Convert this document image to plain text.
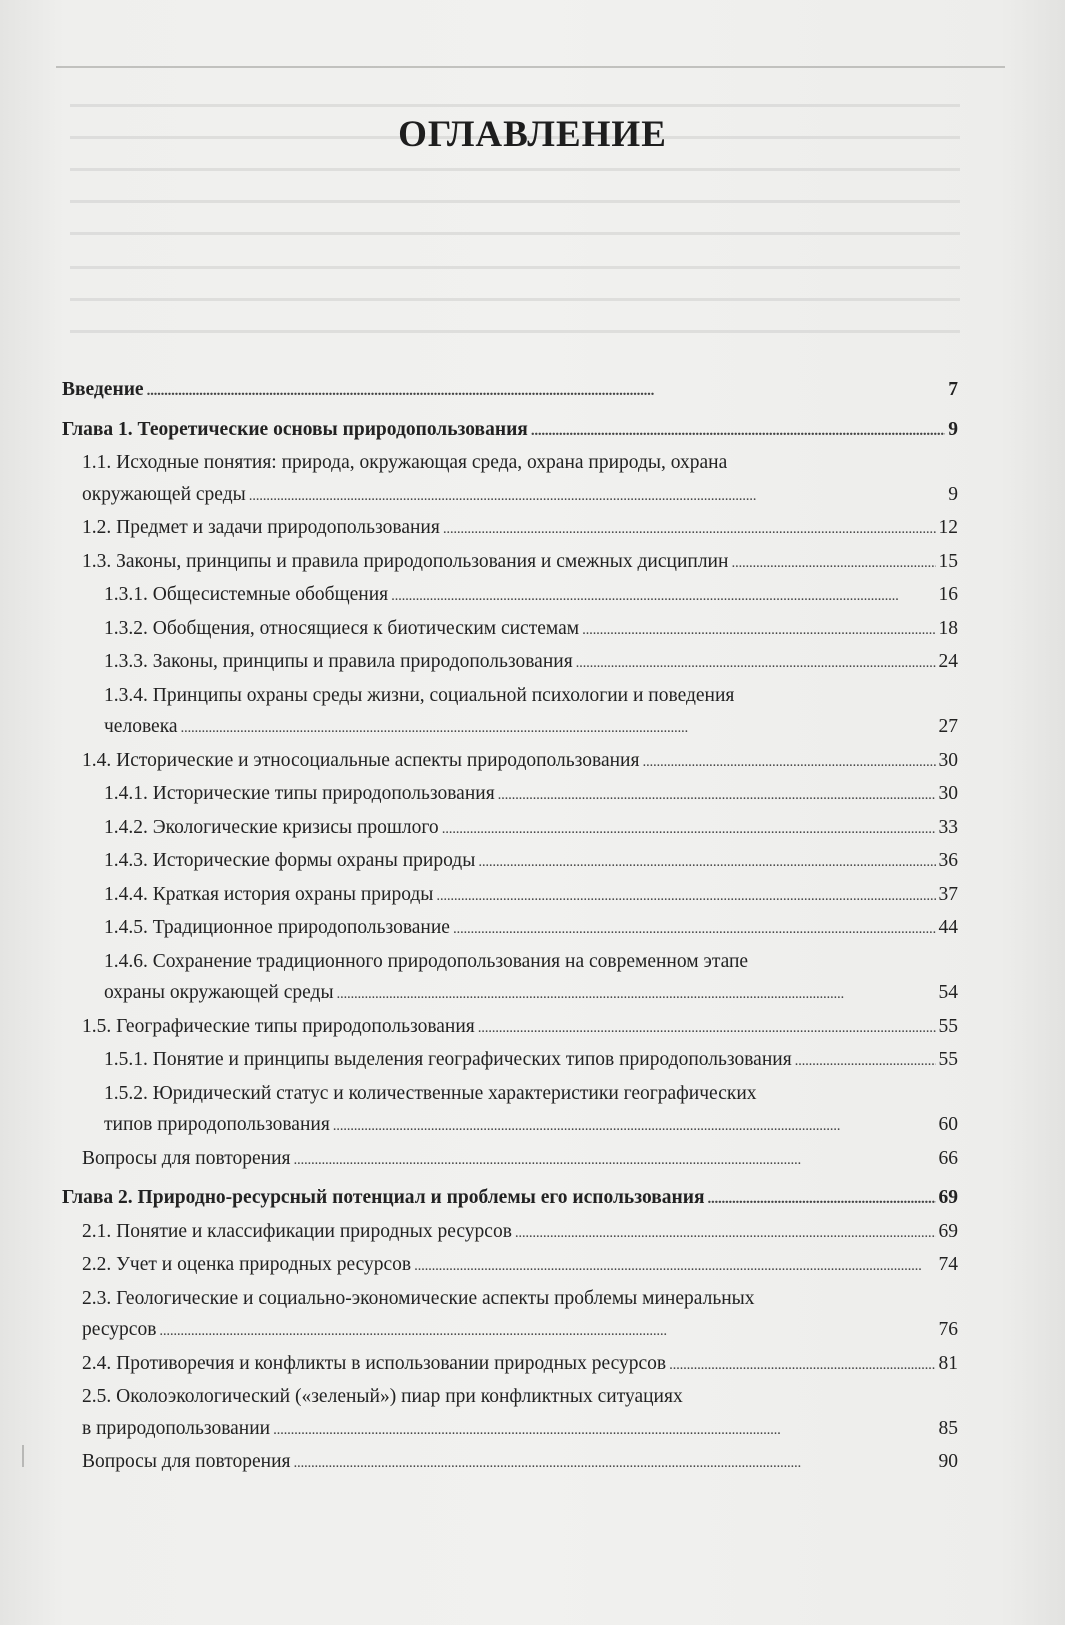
ОГЛАВЛЕНИЕ
Введение . . .	7
Глава 1. Теоретические основы природопользования . . .	9
1.1. Исходные понятия: природа, окружающая среда, охрана природы, охрана
окружающей среды . . .	9
1.2. Предмет и задачи природопользования . . .	12
1.3. Законы, принципы и правила природопользования и смежных дисциплин . . .	15
1.3.1. Общесистемные обобщения . . .	16
1.3.2. Обобщения, относящиеся к биотическим системам . . .	18
1.3.3. Законы, принципы и правила природопользования . . .	24
1.3.4. Принципы охраны среды жизни, социальной психологии и поведения
человека . . .	27
1.4. Исторические и этносоциальные аспекты природопользования . . .	30
1.4.1. Исторические типы природопользования . . .	30
1.4.2. Экологические кризисы прошлого . . .	33
1.4.3. Исторические формы охраны природы . . .	36
1.4.4. Краткая история охраны природы . . .	37
1.4.5. Традиционное природопользование . . .	44
1.4.6. Сохранение традиционного природопользования на современном этапе
охраны окружающей среды . . .	54
1.5. Географические типы природопользования . . .	55
1.5.1. Понятие и принципы выделения географических типов природопользования . . .	55
1.5.2. Юридический статус и количественные характеристики географических
типов природопользования . . .	60
Вопросы для повторения . . .	66
Глава 2. Природно-ресурсный потенциал и проблемы его использования . . .	69
2.1. Понятие и классификации природных ресурсов . . .	69
2.2. Учет и оценка природных ресурсов . . .	74
2.3. Геологические и социально-экономические аспекты проблемы минеральных
ресурсов . . .	76
2.4. Противоречия и конфликты в использовании природных ресурсов . . .	81
2.5. Околоэкологический («зеленый») пиар при конфликтных ситуациях
в природопользовании . . .	85
Вопросы для повторения . . .	90
